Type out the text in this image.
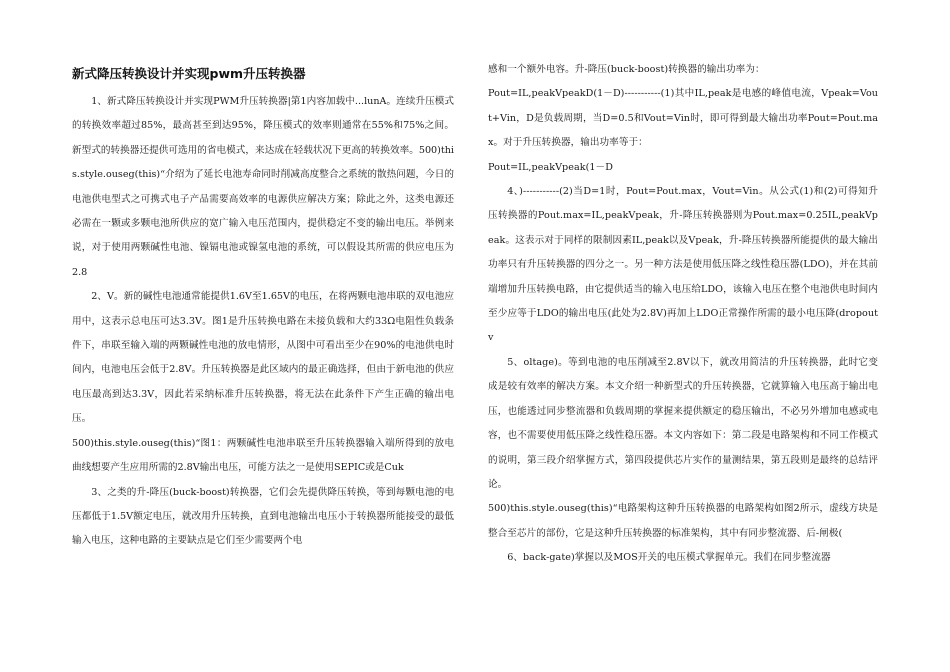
新式降压转换设计并实现pwm升压转换器

1、新式降压转换设计并实现PWM升压转换器|第1内容加载中...lunA。连续升压模式的转换效率超过85%，最高甚至到达95%，降压模式的效率则通常在55%和75%之间。新型式的转换器还提供可选用的省电模式，来达成在轻载状况下更高的转换效率。500)this.style.ouseg(this)“介绍为了延长电池寿命同时削减高度整合之系统的散热问题，今日的电池供电型式之可携式电子产品需要高效率的电源供应解决方案；除此之外，这类电源还必需在一颗或多颗电池所供应的宽广输入电压范围内，提供稳定不变的输出电压。举例来说，对于使用两颗碱性电池、镍镉电池或镍氢电池的系统，可以假设其所需的供应电压为2.8

2、V。新的碱性电池通常能提供1.6V至1.65V的电压，在将两颗电池串联的双电池应用中，这表示总电压可达3.3V。图1是升压转换电路在未接负载和大约33Ω电阻性负载条件下，串联至输入端的两颗碱性电池的放电情形，从图中可看出至少在90%的电池供电时间内，电池电压会低于2.8V。升压转换器是此区域内的最正确选择，但由于新电池的供应电压最高到达3.3V，因此若采纳标准升压转换器，将无法在此条件下产生正确的输出电压。

500)this.style.ouseg(this)“图1：两颗碱性电池串联至升压转换器输入端所得到的放电曲线想要产生应用所需的2.8V输出电压，可能方法之一是使用SEPIC或是Cuk

3、之类的升-降压(buck-boost)转换器，它们会先提供降压转换，等到每颗电池的电压都低于1.5V额定电压，就改用升压转换，直到电池输出电压小于转换器所能接受的最低输入电压，这种电路的主要缺点是它们至少需要两个电

感和一个额外电容。升-降压(buck-boost)转换器的输出功率为：

Pout=IL,peakVpeakD(1－D)-----------(1)其中IL,peak是电感的峰值电流，Vpeak=Vout+Vin，D是负载周期，当D=0.5和Vout=Vin时，即可得到最大输出功率Pout=Pout.max。对于升压转换器，输出功率等于：

Pout=IL,peakVpeak(1－D

4、)-----------(2)当D=1时，Pout=Pout.max，Vout=Vin。从公式(1)和(2)可得知升压转换器的Pout.max=IL,peakVpeak，升-降压转换器则为Pout.max=0.25IL,peakVpeak。这表示对于同样的限制因素IL,peak以及Vpeak，升-降压转换器所能提供的最大输出功率只有升压转换器的四分之一。另一种方法是使用低压降之线性稳压器(LDO)，并在其前端增加升压转换电路，由它提供适当的输入电压给LDO，该输入电压在整个电池供电时间内至少应等于LDO的输出电压(此处为2.8V)再加上LDO正常操作所需的最小电压降(dropoutv

5、oltage)。等到电池的电压削减至2.8V以下，就改用简洁的升压转换器，此时它变成是较有效率的解决方案。本文介绍一种新型式的升压转换器，它就算输入电压高于输出电压，也能透过同步整流器和负载周期的掌握来提供额定的稳压输出，不必另外增加电感或电容，也不需要使用低压降之线性稳压器。本文内容如下：第二段是电路架构和不同工作模式的说明，第三段介绍掌握方式，第四段提供芯片实作的量测结果，第五段则是最终的总结评论。

500)this.style.ouseg(this)“电路架构这种升压转换器的电路架构如图2所示，虚线方块是整合至芯片的部份，它是这种升压转换器的标准架构，其中有同步整流器、后-闸极(

6、back-gate)掌握以及MOS开关的电压模式掌握单元。我们在同步整流器
